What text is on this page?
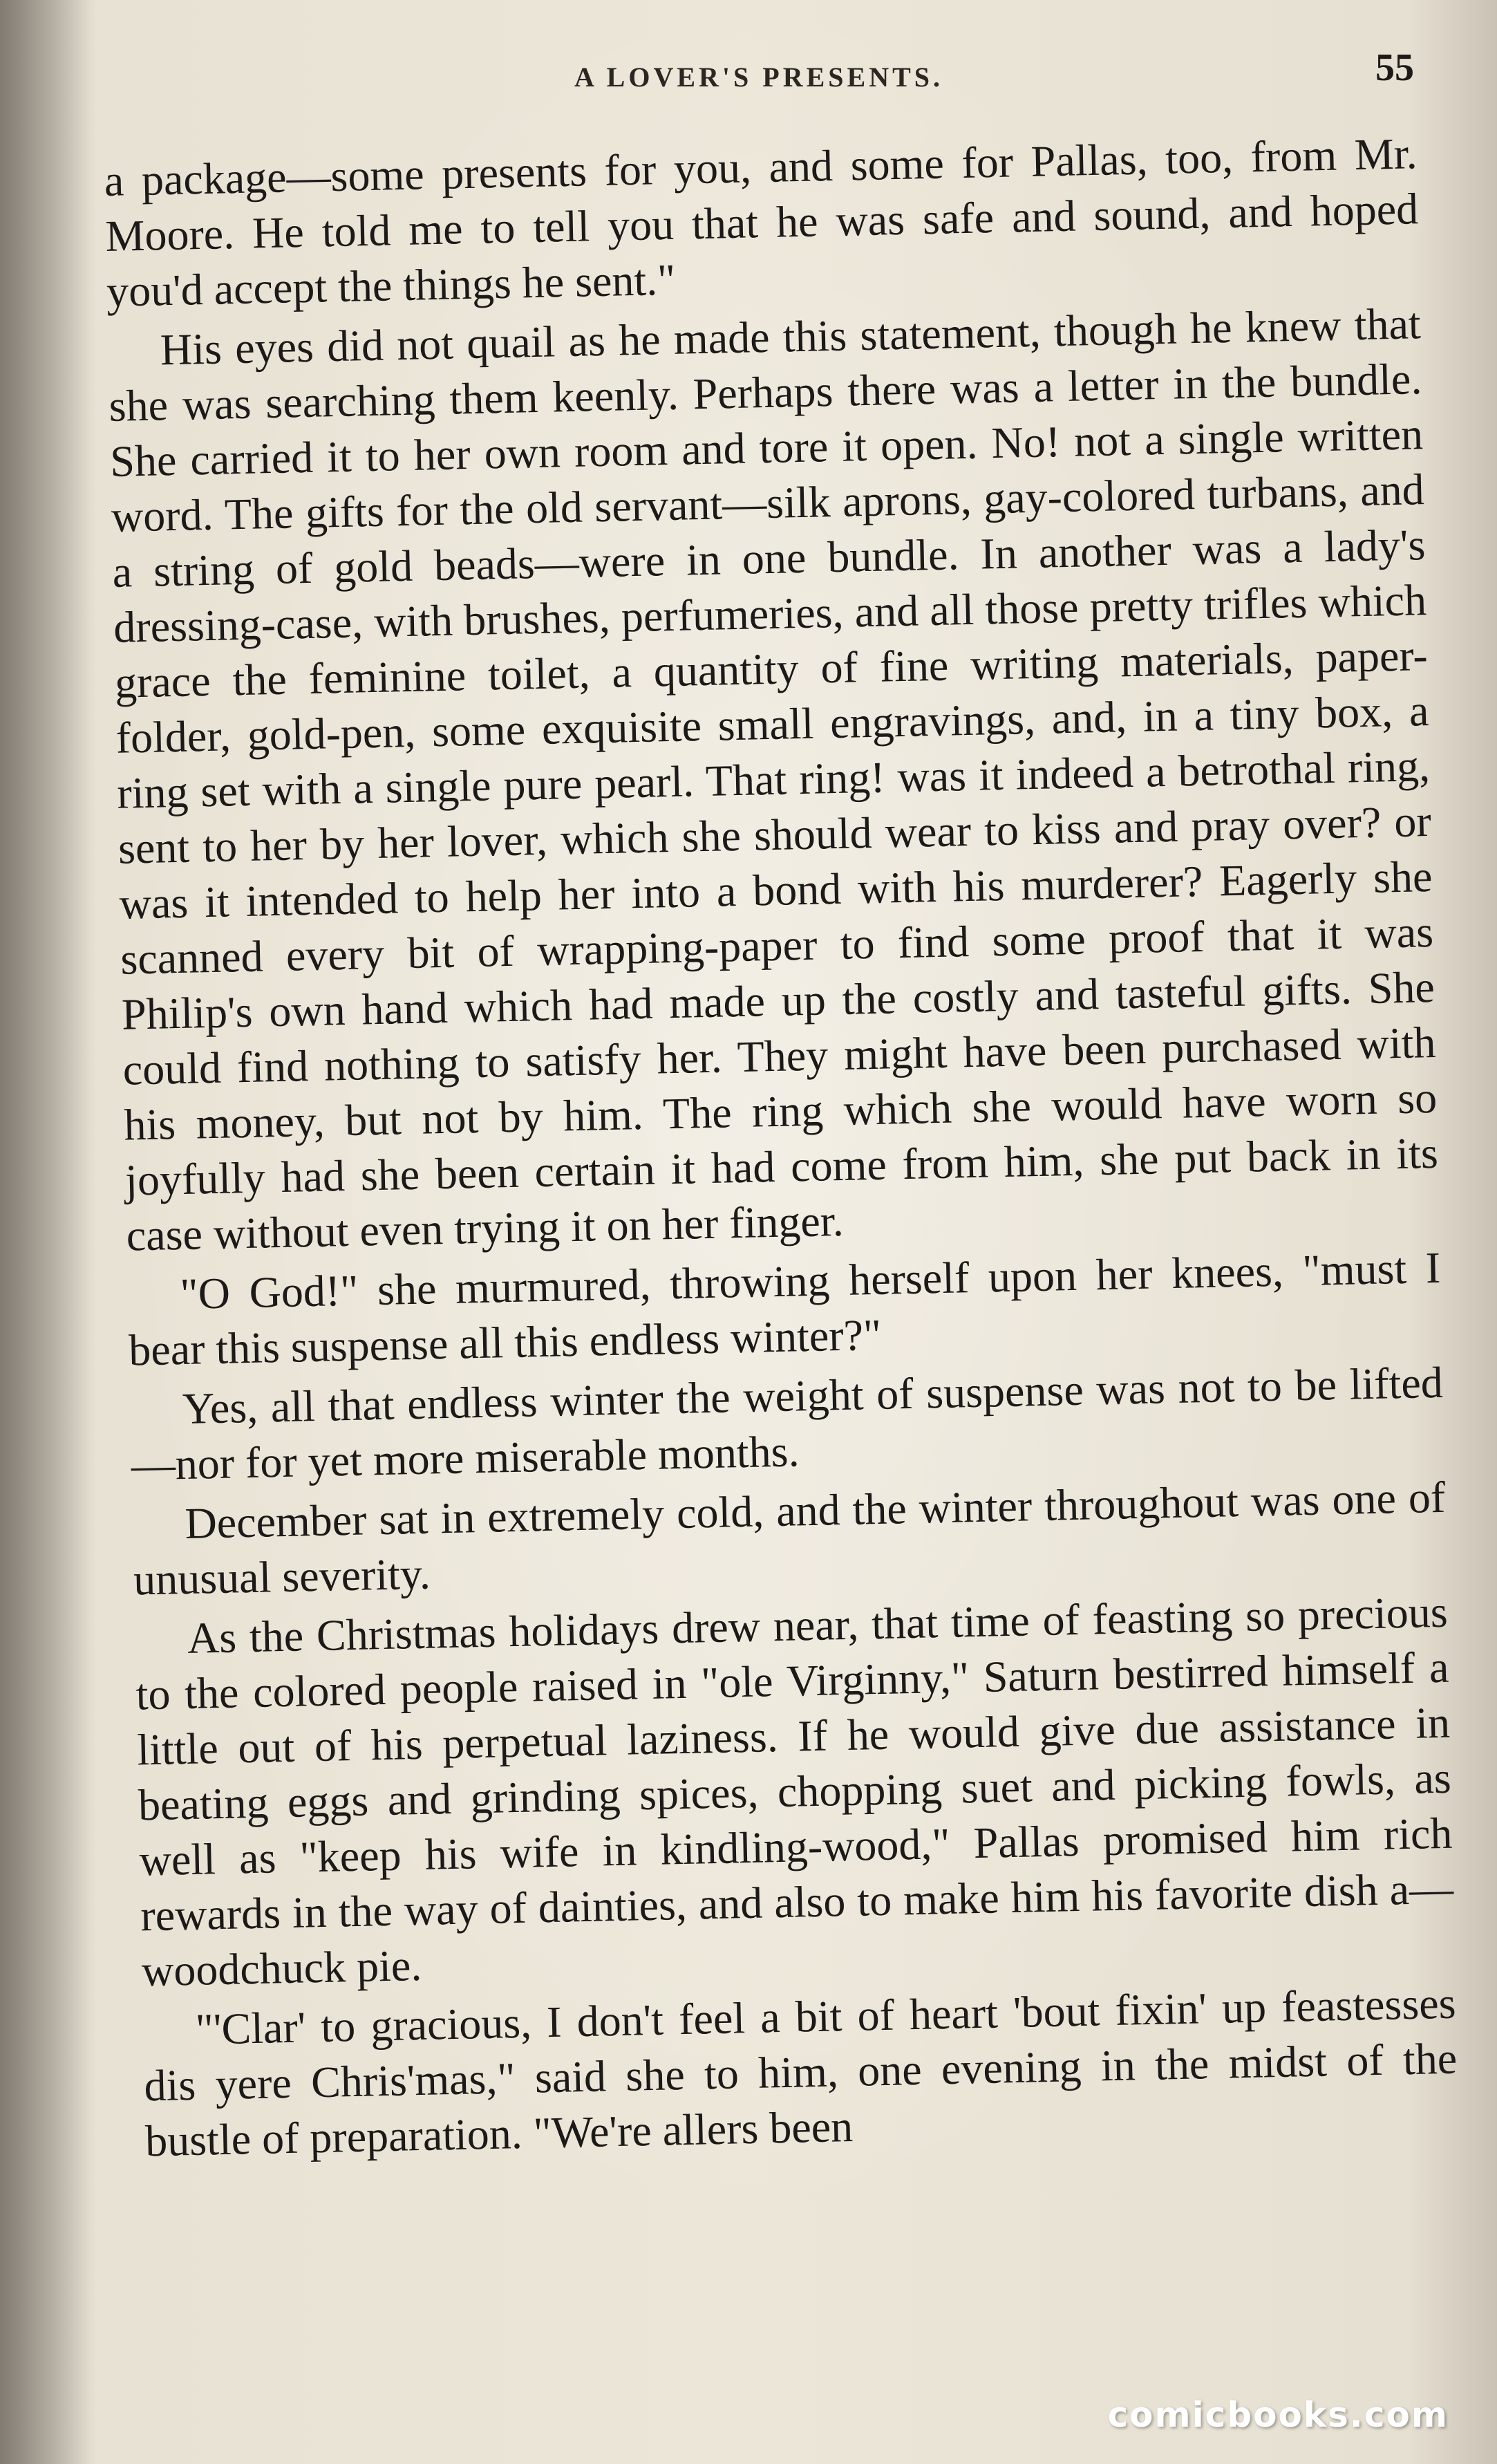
A LOVER'S PRESENTS.	55

a package—some presents for you, and some for Pallas, too, from Mr. Moore. He told me to tell you that he was safe and sound, and hoped you'd accept the things he sent."

His eyes did not quail as he made this statement, though he knew that she was searching them keenly. Perhaps there was a letter in the bundle. She carried it to her own room and tore it open. No! not a single written word. The gifts for the old servant—silk aprons, gay-colored turbans, and a string of gold beads—were in one bundle. In another was a lady's dressing-case, with brushes, perfumeries, and all those pretty trifles which grace the feminine toilet, a quantity of fine writing materials, paper-folder, gold-pen, some exquisite small engravings, and, in a tiny box, a ring set with a single pure pearl. That ring! was it indeed a betrothal ring, sent to her by her lover, which she should wear to kiss and pray over? or was it intended to help her into a bond with his murderer? Eagerly she scanned every bit of wrapping-paper to find some proof that it was Philip's own hand which had made up the costly and tasteful gifts. She could find nothing to satisfy her. They might have been purchased with his money, but not by him. The ring which she would have worn so joyfully had she been certain it had come from him, she put back in its case without even trying it on her finger.

"O God!" she murmured, throwing herself upon her knees, "must I bear this suspense all this endless winter?"

Yes, all that endless winter the weight of suspense was not to be lifted—nor for yet more miserable months.

December sat in extremely cold, and the winter throughout was one of unusual severity.

As the Christmas holidays drew near, that time of feasting so precious to the colored people raised in "ole Virginny," Saturn bestirred himself a little out of his perpetual laziness. If he would give due assistance in beating eggs and grinding spices, chopping suet and picking fowls, as well as "keep his wife in kindling-wood," Pallas promised him rich rewards in the way of dainties, and also to make him his favorite dish a—woodchuck pie.

"'Clar' to gracious, I don't feel a bit of heart 'bout fixin' up feastesses dis yere Chris'mas," said she to him, one evening in the midst of the bustle of preparation. "We're allers been

comicbooks.com
